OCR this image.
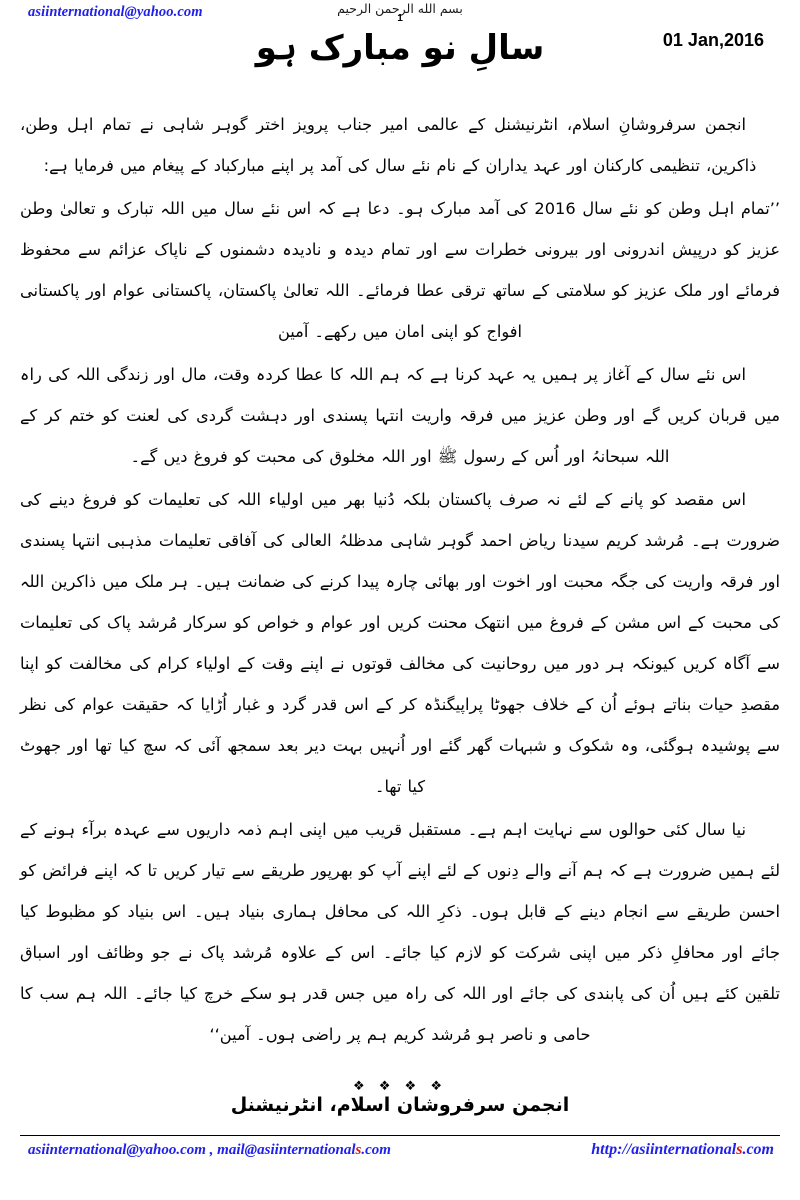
asiinternational@yahoo.com	بسم الله الرحمن الرحيم
1
سالِ نو مبارک ہو	01 Jan,2016

انجمن سرفروشانِ اسلام، انٹرنیشنل کے عالمی امیر جناب پرویز اختر گوہر شاہی نے تمام اہل وطن، ذاکرین، تنظیمی کارکنان اور عہد یداران کے نام نئے سال کی آمد پر اپنے مبارکباد کے پیغام میں فرمایا ہے:

’’تمام اہل وطن کو نئے سال 2016 کی آمد مبارک ہو۔ دعا ہے کہ اس نئے سال میں اللہ تبارک و تعالیٰ وطن عزیز کو درپیش اندرونی اور بیرونی خطرات سے اور تمام دیدہ و نادیدہ دشمنوں کے ناپاک عزائم سے محفوظ فرمائے اور ملک عزیز کو سلامتی کے ساتھ ترقی عطا فرمائے۔ اللہ تعالیٰ پاکستان، پاکستانی عوام اور پاکستانی افواج کو اپنی امان میں رکھے۔ آمین

اس نئے سال کے آغاز پر ہمیں یہ عہد کرنا ہے کہ ہم اللہ کا عطا کردہ وقت، مال اور زندگی اللہ کی راہ میں قربان کریں گے اور وطن عزیز میں فرقہ واریت انتہا پسندی اور دہشت گردی کی لعنت کو ختم کر کے اللہ سبحانہُ اور اُس کے رسول ﷺ اور اللہ مخلوق کی محبت کو فروغ دیں گے۔

اس مقصد کو پانے کے لئے نہ صرف پاکستان بلکہ دُنیا بھر میں اولیاء اللہ کی تعلیمات کو فروغ دینے کی ضرورت ہے۔ مُرشد کریم سیدنا ریاض احمد گوہر شاہی مدظلہُ العالی کی آفاقی تعلیمات مذہبی انتہا پسندی اور فرقہ واریت کی جگہ محبت اور اخوت اور بھائی چارہ پیدا کرنے کی ضمانت ہیں۔ ہر ملک میں ذاکرین اللہ کی محبت کے اس مشن کے فروغ میں انتھک محنت کریں اور عوام و خواص کو سرکار مُرشد پاک کی تعلیمات سے آگاہ کریں کیونکہ ہر دور میں روحانیت کی مخالف قوتوں نے اپنے وقت کے اولیاء کرام کی مخالفت کو اپنا مقصدِ حیات بناتے ہوئے اُن کے خلاف جھوٹا پراپیگنڈہ کر کے اس قدر گرد و غبار اُڑایا کہ حقیقت عوام کی نظر سے پوشیدہ ہوگئی، وہ شکوک و شبہات گھر گئے اور اُنہیں بہت دیر بعد سمجھ آئی کہ سچ کیا تھا اور جھوٹ کیا تھا۔

نیا سال کئی حوالوں سے نہایت اہم ہے۔ مستقبل قریب میں اپنی اہم ذمہ داریوں سے عہدہ برآء ہونے کے لئے ہمیں ضرورت ہے کہ ہم آنے والے دِنوں کے لئے اپنے آپ کو بھرپور طریقے سے تیار کریں تا کہ اپنے فرائض کو احسن طریقے سے انجام دینے کے قابل ہوں۔ ذکرِ اللہ کی محافل ہماری بنیاد ہیں۔ اس بنیاد کو مظبوط کیا جائے اور محافلِ ذکر میں اپنی شرکت کو لازم کیا جائے۔ اس کے علاوہ مُرشد پاک نے جو وظائف اور اسباق تلقین کئے ہیں اُن کی پابندی کی جائے اور اللہ کی راہ میں جس قدر ہو سکے خرچ کیا جائے۔ اللہ ہم سب کا حامی و ناصر ہو مُرشد کریم ہم پر راضی ہوں۔ آمین‘‘

❖ ❖ ❖ ❖
انجمن سرفروشان اسلام، انٹرنیشنل
asiinternational@yahoo.com , mail@asiinternationals.com	http://asiinternationals.com
